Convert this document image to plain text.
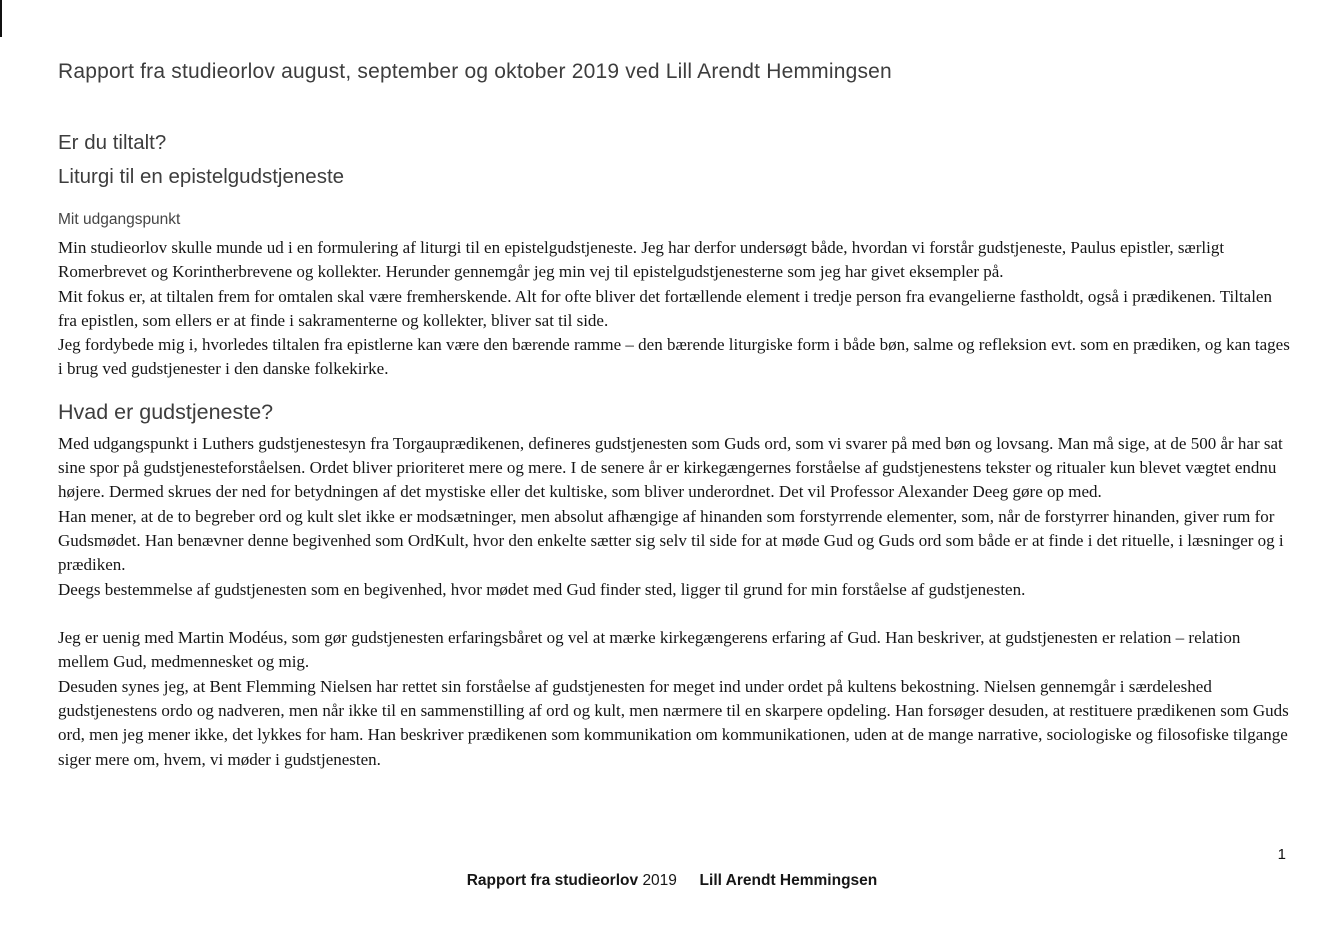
Rapport fra studieorlov august, september og oktober 2019 ved Lill Arendt Hemmingsen
Er du tiltalt?
Liturgi til en epistelgudstjeneste
Mit udgangspunkt

Min studieorlov skulle munde ud i en formulering af liturgi til en epistelgudstjeneste. Jeg har derfor undersøgt både, hvordan vi forstår gudstjeneste, Paulus epistler, særligt Romerbrevet og Korintherbrevene og kollekter. Herunder gennemgår jeg min vej til epistelgudstjenesterne som jeg har givet eksempler på.

Mit fokus er, at tiltalen frem for omtalen skal være fremherskende. Alt for ofte bliver det fortællende element i tredje person fra evangelierne fastholdt, også i prædikenen. Tiltalen fra epistlen, som ellers er at finde i sakramenterne og kollekter, bliver sat til side.

Jeg fordybede mig i, hvorledes tiltalen fra epistlerne kan være den bærende ramme – den bærende liturgiske form i både bøn, salme og refleksion evt. som en prædiken, og kan tages i brug ved gudstjenester i den danske folkekirke.

Hvad er gudstjeneste?

Med udgangspunkt i Luthers gudstjenestesyn fra Torgauprædikenen, defineres gudstjenesten som Guds ord, som vi svarer på med bøn og lovsang. Man må sige, at de 500 år har sat sine spor på gudstjenesteforståelsen. Ordet bliver prioriteret mere og mere. I de senere år er kirkegængernes forståelse af gudstjenestens tekster og ritualer kun blevet vægtet endnu højere. Dermed skrues der ned for betydningen af det mystiske eller det kultiske, som bliver underordnet. Det vil Professor Alexander Deeg gøre op med.

Han mener, at de to begreber ord og kult slet ikke er modsætninger, men absolut afhængige af hinanden som forstyrrende elementer, som, når de forstyrrer hinanden, giver rum for Gudsmødet. Han benævner denne begivenhed som OrdKult, hvor den enkelte sætter sig selv til side for at møde Gud og Guds ord som både er at finde i det rituelle, i læsninger og i prædiken.

Deegs bestemmelse af gudstjenesten som en begivenhed, hvor mødet med Gud finder sted, ligger til grund for min forståelse af gudstjenesten.

Jeg er uenig med Martin Modéus, som gør gudstjenesten erfaringsbåret og vel at mærke kirkegængerens erfaring af Gud. Han beskriver, at gudstjenesten er relation – relation mellem Gud, medmennesket og mig.

Desuden synes jeg, at Bent Flemming Nielsen har rettet sin forståelse af gudstjenesten for meget ind under ordet på kultens bekostning. Nielsen gennemgår i særdeleshed gudstjenestens ordo og nadveren, men når ikke til en sammenstilling af ord og kult, men nærmere til en skarpere opdeling. Han forsøger desuden, at restituere prædikenen som Guds ord, men jeg mener ikke, det lykkes for ham. Han beskriver prædikenen som kommunikation om kommunikationen, uden at de mange narrative, sociologiske og filosofiske tilgange siger mere om, hvem, vi møder i gudstjenesten.

1
Rapport fra studieorlov 2019 Lill Arendt Hemmingsen
